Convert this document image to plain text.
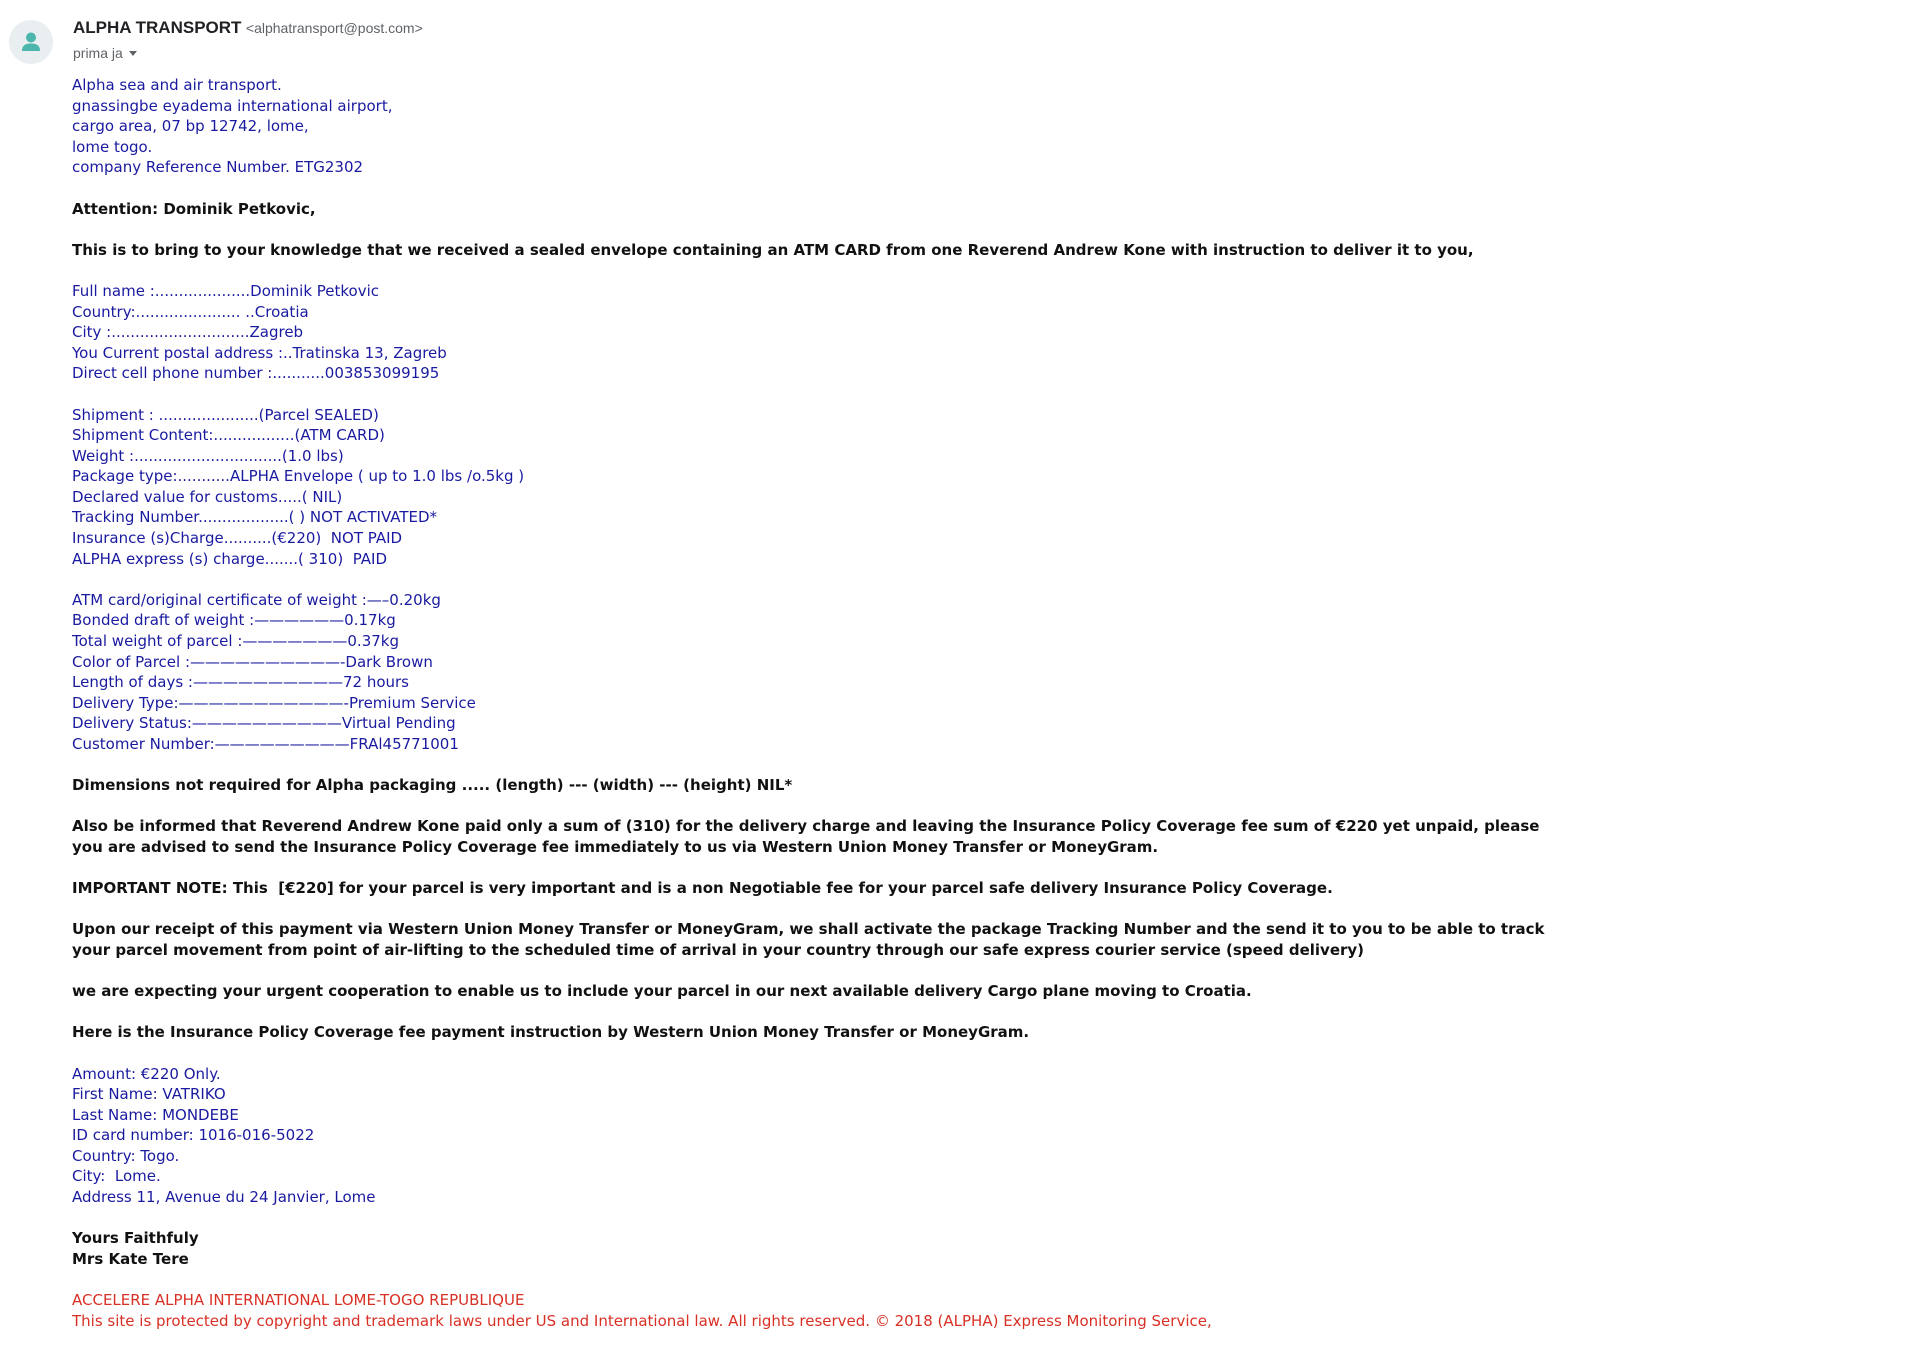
ALPHA TRANSPORT <alphatransport@post.com>
prima ja
Alpha sea and air transport.
gnassingbe eyadema international airport,
cargo area, 07 bp 12742, lome,
lome togo.
company Reference Number. ETG2302
Attention: Dominik Petkovic,
This is to bring to your knowledge that we received a sealed envelope containing an ATM CARD from one Reverend Andrew Kone with instruction to deliver it to you,
Full name :....................Dominik Petkovic
Country:...................... ..Croatia
City :.............................Zagreb
You Current postal address :..Tratinska 13, Zagreb
Direct cell phone number :...........003853099195
Shipment : .....................(Parcel SEALED)
Shipment Content:.................(ATM CARD)
Weight :...............................(1.0 lbs)
Package type:...........ALPHA Envelope ( up to 1.0 lbs /o.5kg )
Declared value for customs.....( NIL)
Tracking Number...................( ) NOT ACTIVATED*
Insurance (s)Charge..........(€220)  NOT PAID
ALPHA express (s) charge.......( 310)  PAID
ATM card/original certificate of weight :—–0.20kg
Bonded draft of weight :——————0.17kg
Total weight of parcel :———————0.37kg
Color of Parcel :——————————-Dark Brown
Length of days :——————————72 hours
Delivery Type:———————————-Premium Service
Delivery Status:——————————Virtual Pending
Customer Number:—————————FRAl45771001
Dimensions not required for Alpha packaging ..... (length) --- (width) --- (height) NIL*
Also be informed that Reverend Andrew Kone paid only a sum of (310) for the delivery charge and leaving the Insurance Policy Coverage fee sum of €220 yet unpaid, please you are advised to send the Insurance Policy Coverage fee immediately to us via Western Union Money Transfer or MoneyGram.
IMPORTANT NOTE: This  [€220] for your parcel is very important and is a non Negotiable fee for your parcel safe delivery Insurance Policy Coverage.
Upon our receipt of this payment via Western Union Money Transfer or MoneyGram, we shall activate the package Tracking Number and the send it to you to be able to track your parcel movement from point of air-lifting to the scheduled time of arrival in your country through our safe express courier service (speed delivery)
we are expecting your urgent cooperation to enable us to include your parcel in our next available delivery Cargo plane moving to Croatia.
Here is the Insurance Policy Coverage fee payment instruction by Western Union Money Transfer or MoneyGram.
Amount: €220 Only.
First Name: VATRIKO
Last Name: MONDEBE
ID card number: 1016-016-5022
Country: Togo.
City:  Lome.
Address 11, Avenue du 24 Janvier, Lome
Yours Faithfuly
Mrs Kate Tere
ACCELERE ALPHA INTERNATIONAL LOME-TOGO REPUBLIQUE
This site is protected by copyright and trademark laws under US and International law. All rights reserved. © 2018 (ALPHA) Express Monitoring Service,
